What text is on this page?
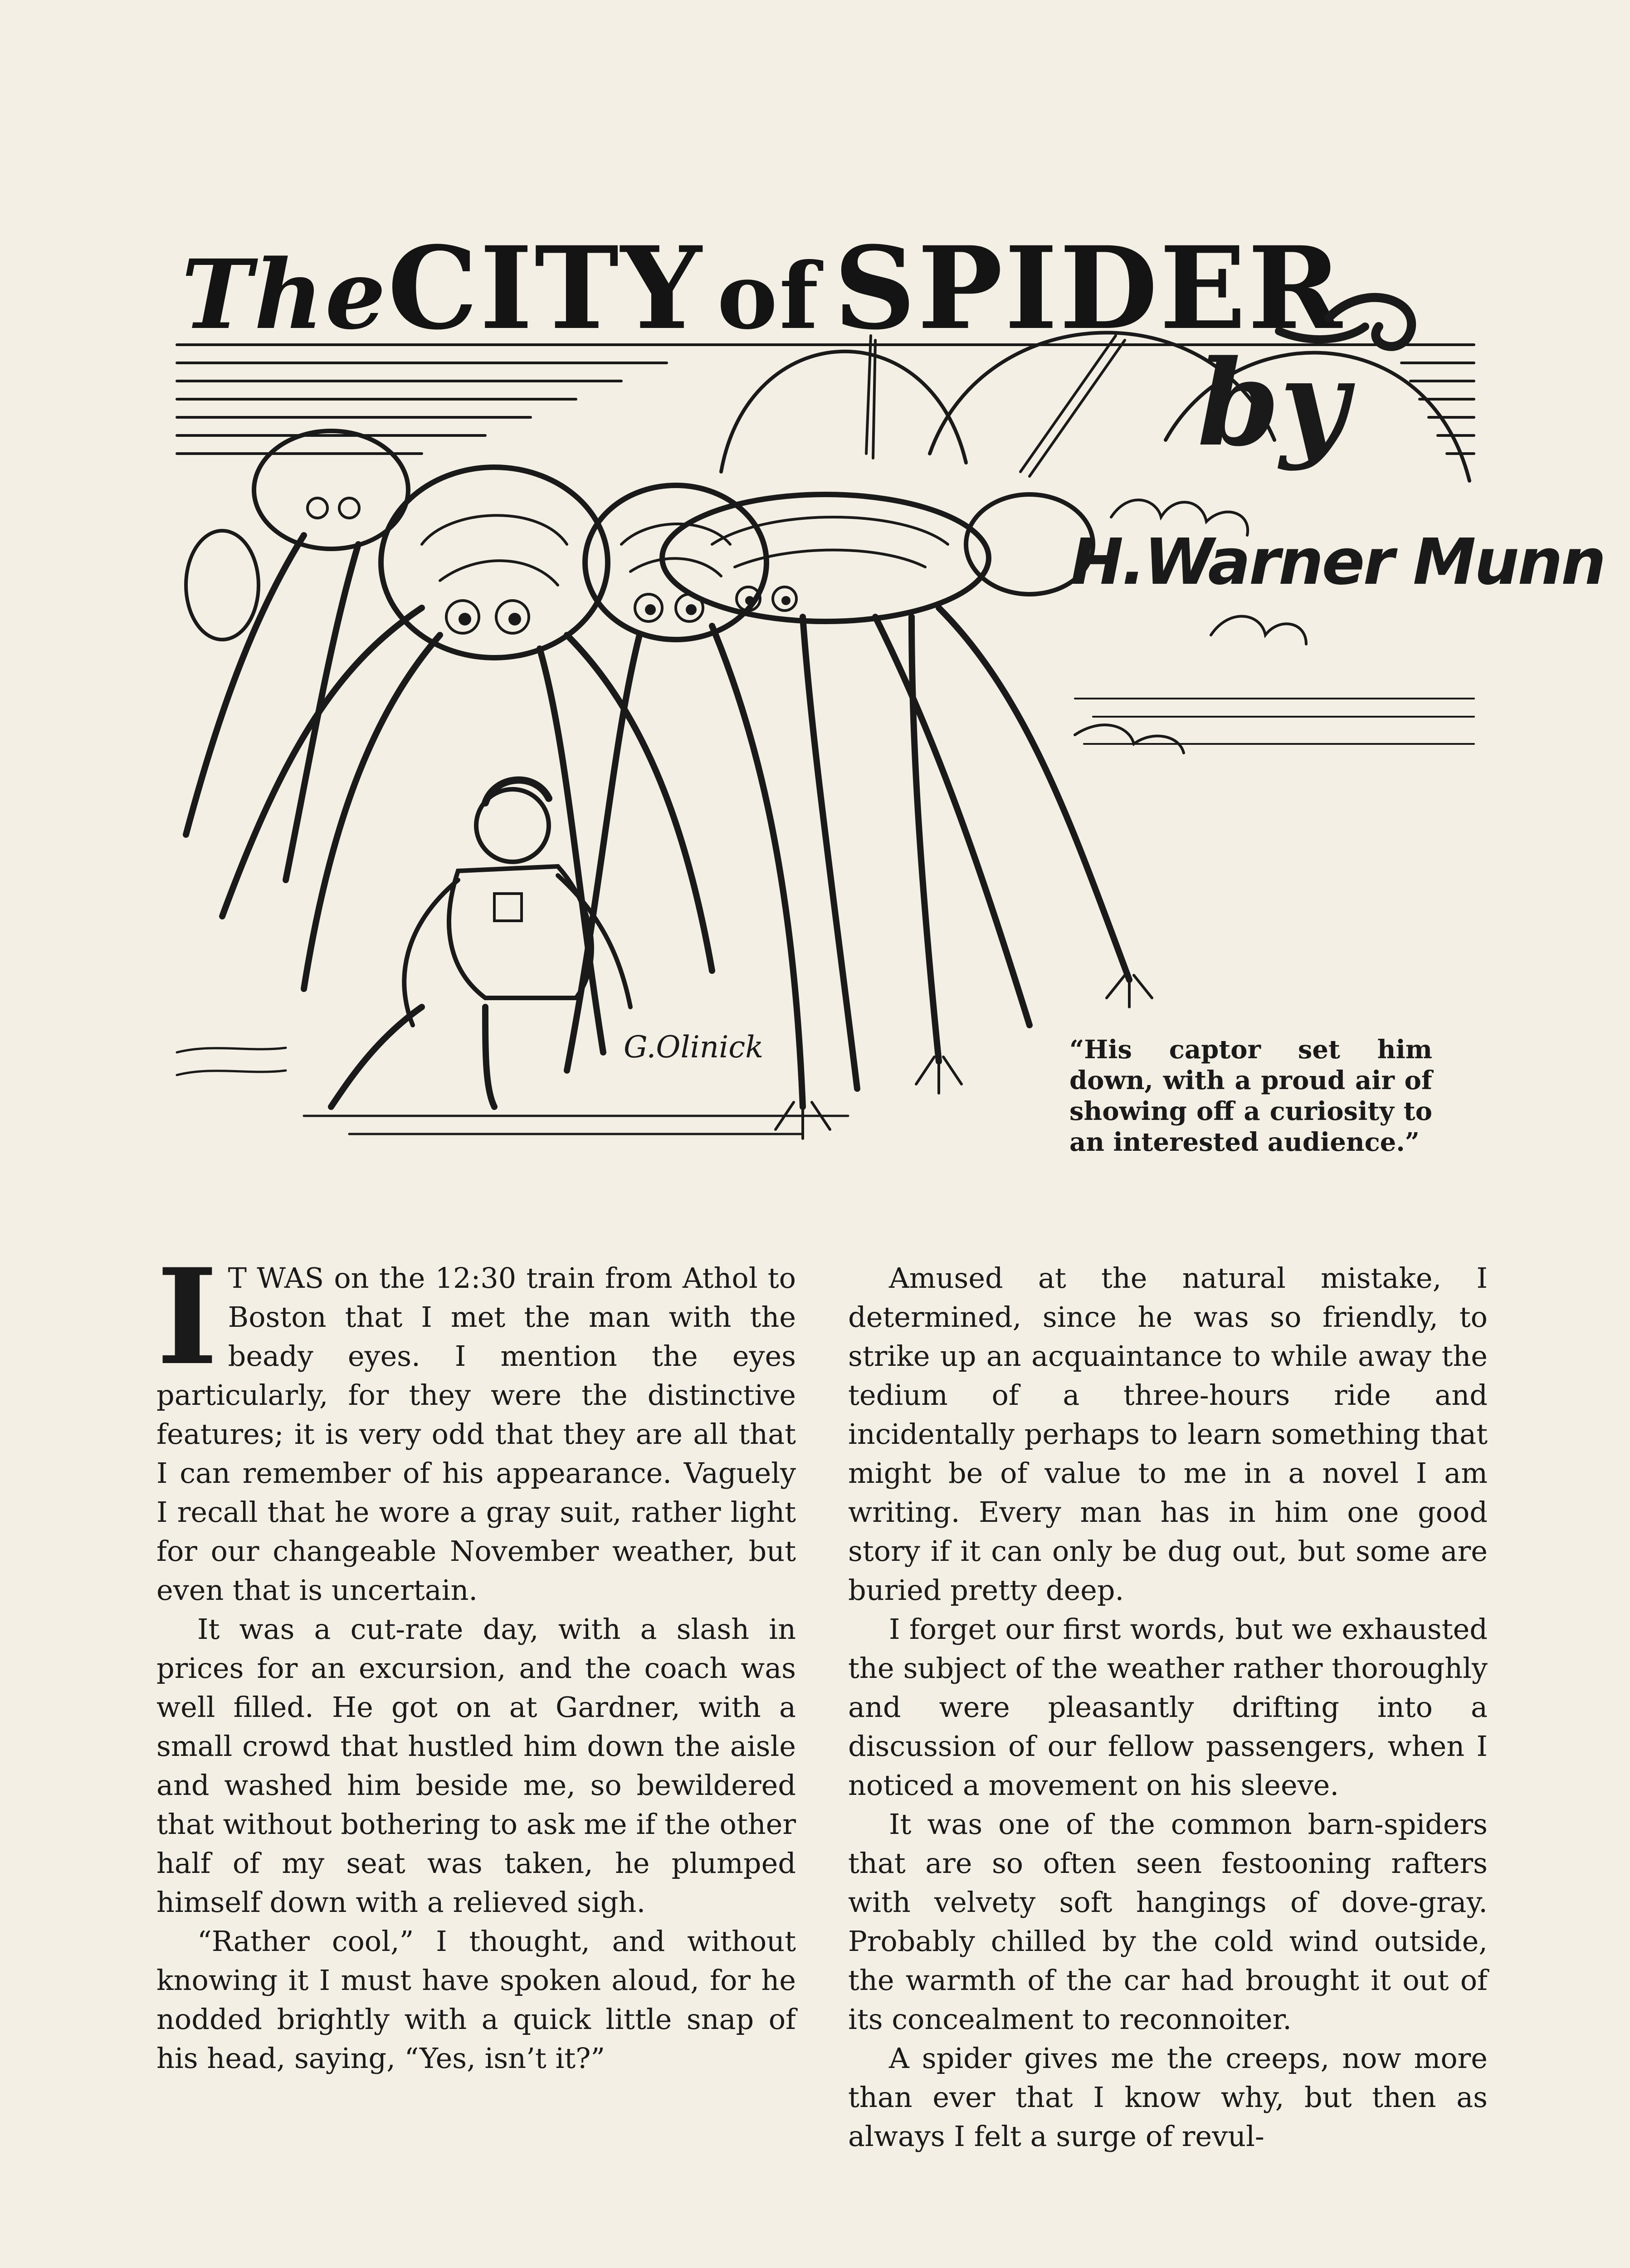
TheCITY of SPIDER
by
H.Warner Munn
G.Olinick	“His captor set him down, with a proud air of showing off a curiosity to an interested audience.”

I T WAS on the 12:30 train from Athol to Boston that I met the man with the beady eyes. I mention the eyes particularly, for they were the distinctive features; it is very odd that they are all that I can remember of his appearance. Vaguely I recall that he wore a gray suit, rather light for our changeable November weather, but even that is uncertain.

It was a cut-rate day, with a slash in prices for an excursion, and the coach was well filled. He got on at Gardner, with a small crowd that hustled him down the aisle and washed him beside me, so bewildered that without bothering to ask me if the other half of my seat was taken, he plumped himself down with a relieved sigh.

“Rather cool,” I thought, and without knowing it I must have spoken aloud, for he nodded brightly with a quick little snap of his head, saying, “Yes, isn’t it?”

Amused at the natural mistake, I determined, since he was so friendly, to strike up an acquaintance to while away the tedium of a three-hours ride and incidentally perhaps to learn something that might be of value to me in a novel I am writing. Every man has in him one good story if it can only be dug out, but some are buried pretty deep.

I forget our first words, but we exhausted the subject of the weather rather thoroughly and were pleasantly drifting into a discussion of our fellow passengers, when I noticed a movement on his sleeve.

It was one of the common barn-spiders that are so often seen festooning rafters with velvety soft hangings of dove-gray. Probably chilled by the cold wind outside, the warmth of the car had brought it out of its concealment to reconnoiter.

A spider gives me the creeps, now more than ever that I know why, but then as always I felt a surge of revul-
